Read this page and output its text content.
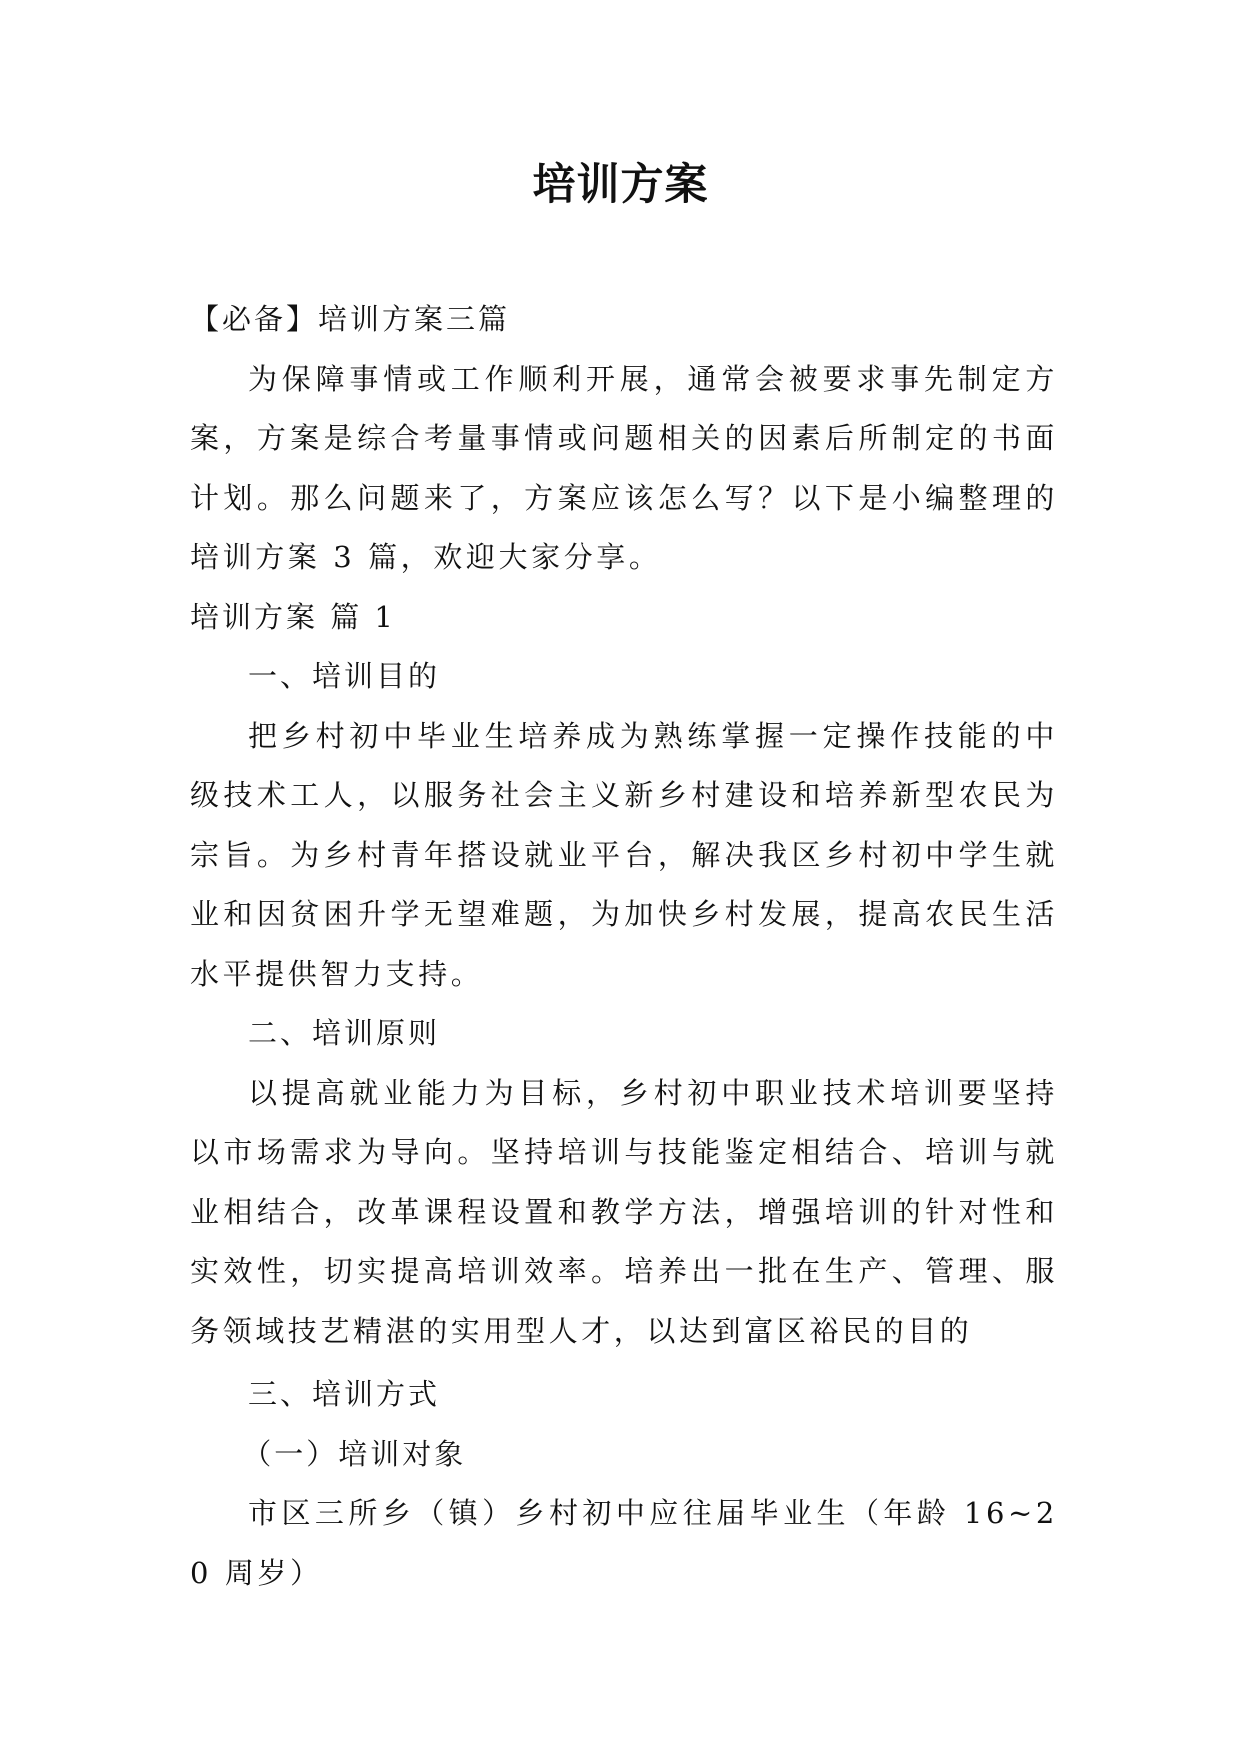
培训方案

【必备】培训方案三篇

为保障事情或工作顺利开展，通常会被要求事先制定方案，方案是综合考量事情或问题相关的因素后所制定的书面计划。那么问题来了，方案应该怎么写？以下是小编整理的培训方案 3 篇，欢迎大家分享。

培训方案 篇 1

一、培训目的

把乡村初中毕业生培养成为熟练掌握一定操作技能的中级技术工人，以服务社会主义新乡村建设和培养新型农民为宗旨。为乡村青年搭设就业平台，解决我区乡村初中学生就业和因贫困升学无望难题，为加快乡村发展，提高农民生活水平提供智力支持。

二、培训原则

以提高就业能力为目标，乡村初中职业技术培训要坚持以市场需求为导向。坚持培训与技能鉴定相结合、培训与就业相结合，改革课程设置和教学方法，增强培训的针对性和实效性，切实提高培训效率。培养出一批在生产、管理、服务领域技艺精湛的实用型人才，以达到富区裕民的目的

三、培训方式

（一）培训对象

市区三所乡（镇）乡村初中应往届毕业生（年龄 16~20 周岁）
